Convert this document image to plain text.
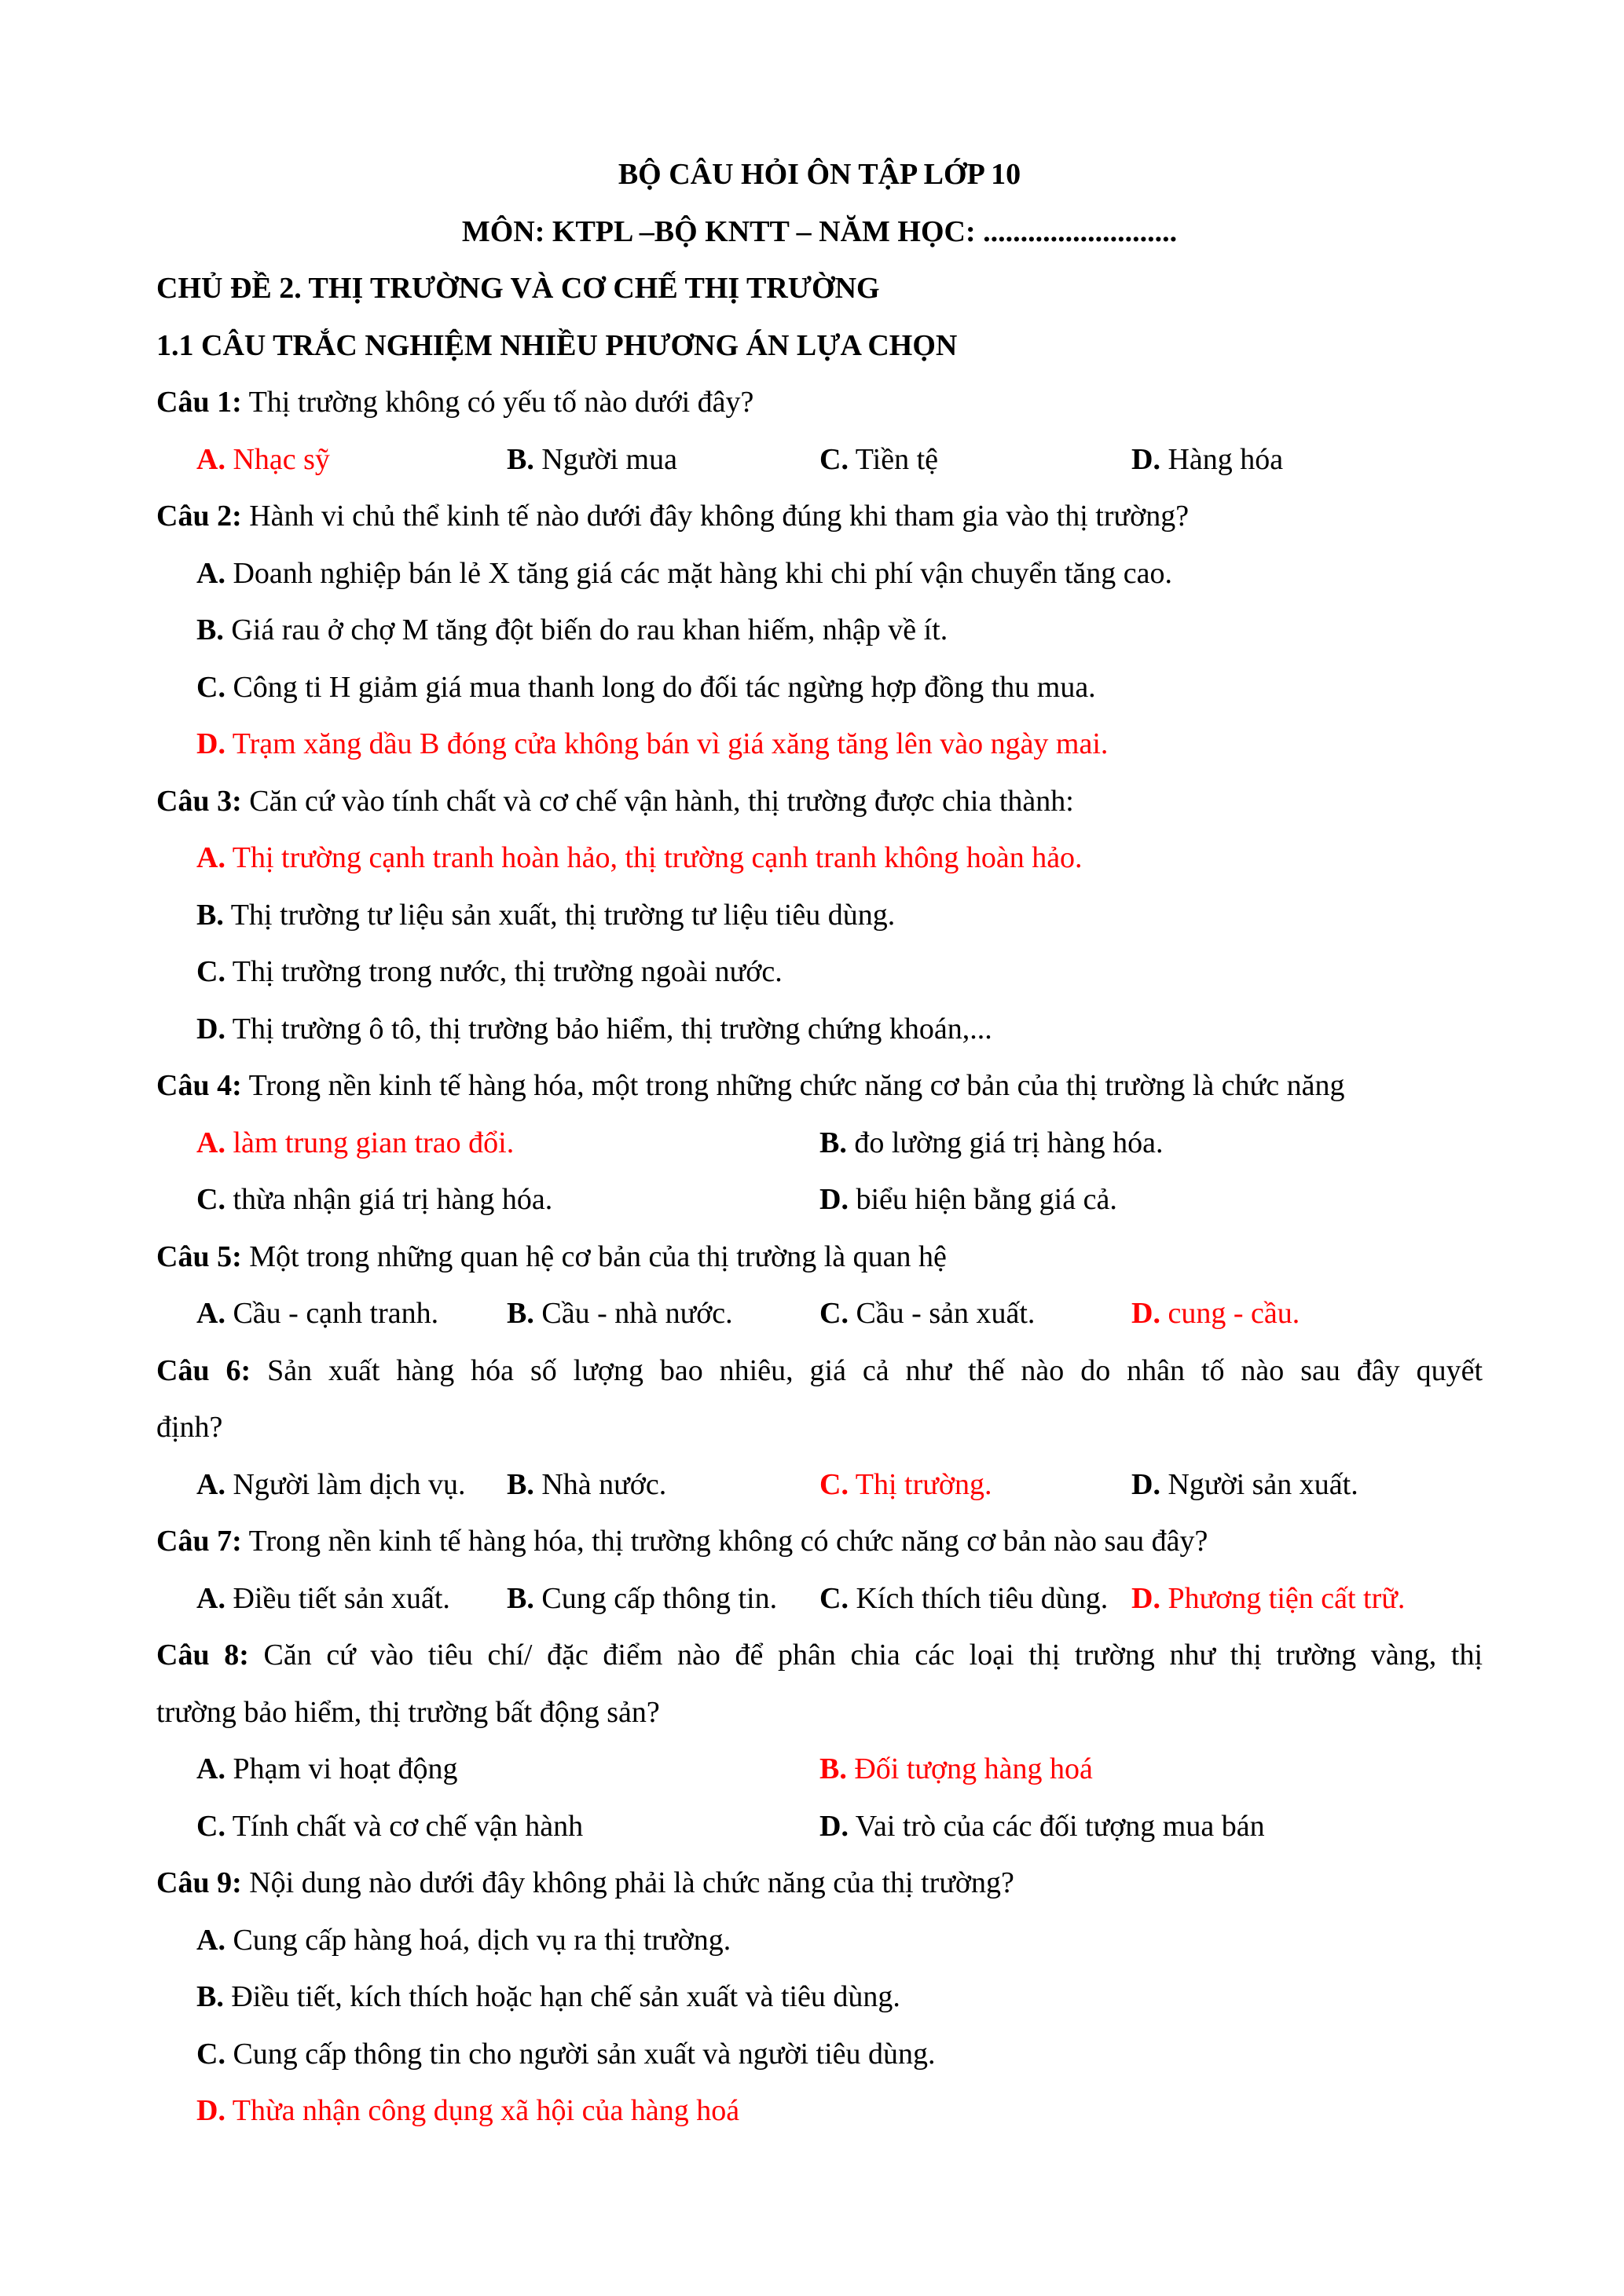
BỘ CÂU HỎI ÔN TẬP LỚP 10
MÔN: KTPL –BỘ KNTT – NĂM HỌC: ..........................
CHỦ ĐỀ 2. THỊ TRƯỜNG VÀ CƠ CHẾ THỊ TRƯỜNG
1.1 CÂU TRẮC NGHIỆM NHIỀU PHƯƠNG ÁN LỰA CHỌN
Câu 1: Thị trường không có yếu tố nào dưới đây?
A. Nhạc sỹ	B. Người mua	C. Tiền tệ	D. Hàng hóa
Câu 2: Hành vi chủ thể kinh tế nào dưới đây không đúng khi tham gia vào thị trường?
A. Doanh nghiệp bán lẻ X tăng giá các mặt hàng khi chi phí vận chuyển tăng cao.
B. Giá rau ở chợ M tăng đột biến do rau khan hiếm, nhập về ít.
C. Công ti H giảm giá mua thanh long do đối tác ngừng hợp đồng thu mua.
D. Trạm xăng dầu B đóng cửa không bán vì giá xăng tăng lên vào ngày mai.
Câu 3: Căn cứ vào tính chất và cơ chế vận hành, thị trường được chia thành:
A. Thị trường cạnh tranh hoàn hảo, thị trường cạnh tranh không hoàn hảo.
B. Thị trường tư liệu sản xuất, thị trường tư liệu tiêu dùng.
C. Thị trường trong nước, thị trường ngoài nước.
D. Thị trường ô tô, thị trường bảo hiểm, thị trường chứng khoán,...
Câu 4: Trong nền kinh tế hàng hóa, một trong những chức năng cơ bản của thị trường là chức năng
A. làm trung gian trao đổi.	B. đo lường giá trị hàng hóa.
C. thừa nhận giá trị hàng hóa.	D. biểu hiện bằng giá cả.
Câu 5: Một trong những quan hệ cơ bản của thị trường là quan hệ
A. Cầu - cạnh tranh. B. Cầu - nhà nước.	C. Cầu - sản xuất.	D. cung - cầu.
Câu 6: Sản xuất hàng hóa số lượng bao nhiêu, giá cả như thế nào do nhân tố nào sau đây quyết
định?
A. Người làm dịch vụ. B. Nhà nước.	C. Thị trường.	D. Người sản xuất.
Câu 7: Trong nền kinh tế hàng hóa, thị trường không có chức năng cơ bản nào sau đây?
A. Điều tiết sản xuất. B. Cung cấp thông tin. C. Kích thích tiêu dùng. D. Phương tiện cất trữ.
Câu 8: Căn cứ vào tiêu chí/ đặc điểm nào để phân chia các loại thị trường như thị trường vàng, thị
trường bảo hiểm, thị trường bất động sản?
A. Phạm vi hoạt động	B. Đối tượng hàng hoá
C. Tính chất và cơ chế vận hành	D. Vai trò của các đối tượng mua bán
Câu 9: Nội dung nào dưới đây không phải là chức năng của thị trường?
A. Cung cấp hàng hoá, dịch vụ ra thị trường.
B. Điều tiết, kích thích hoặc hạn chế sản xuất và tiêu dùng.
C. Cung cấp thông tin cho người sản xuất và người tiêu dùng.
D. Thừa nhận công dụng xã hội của hàng hoá
